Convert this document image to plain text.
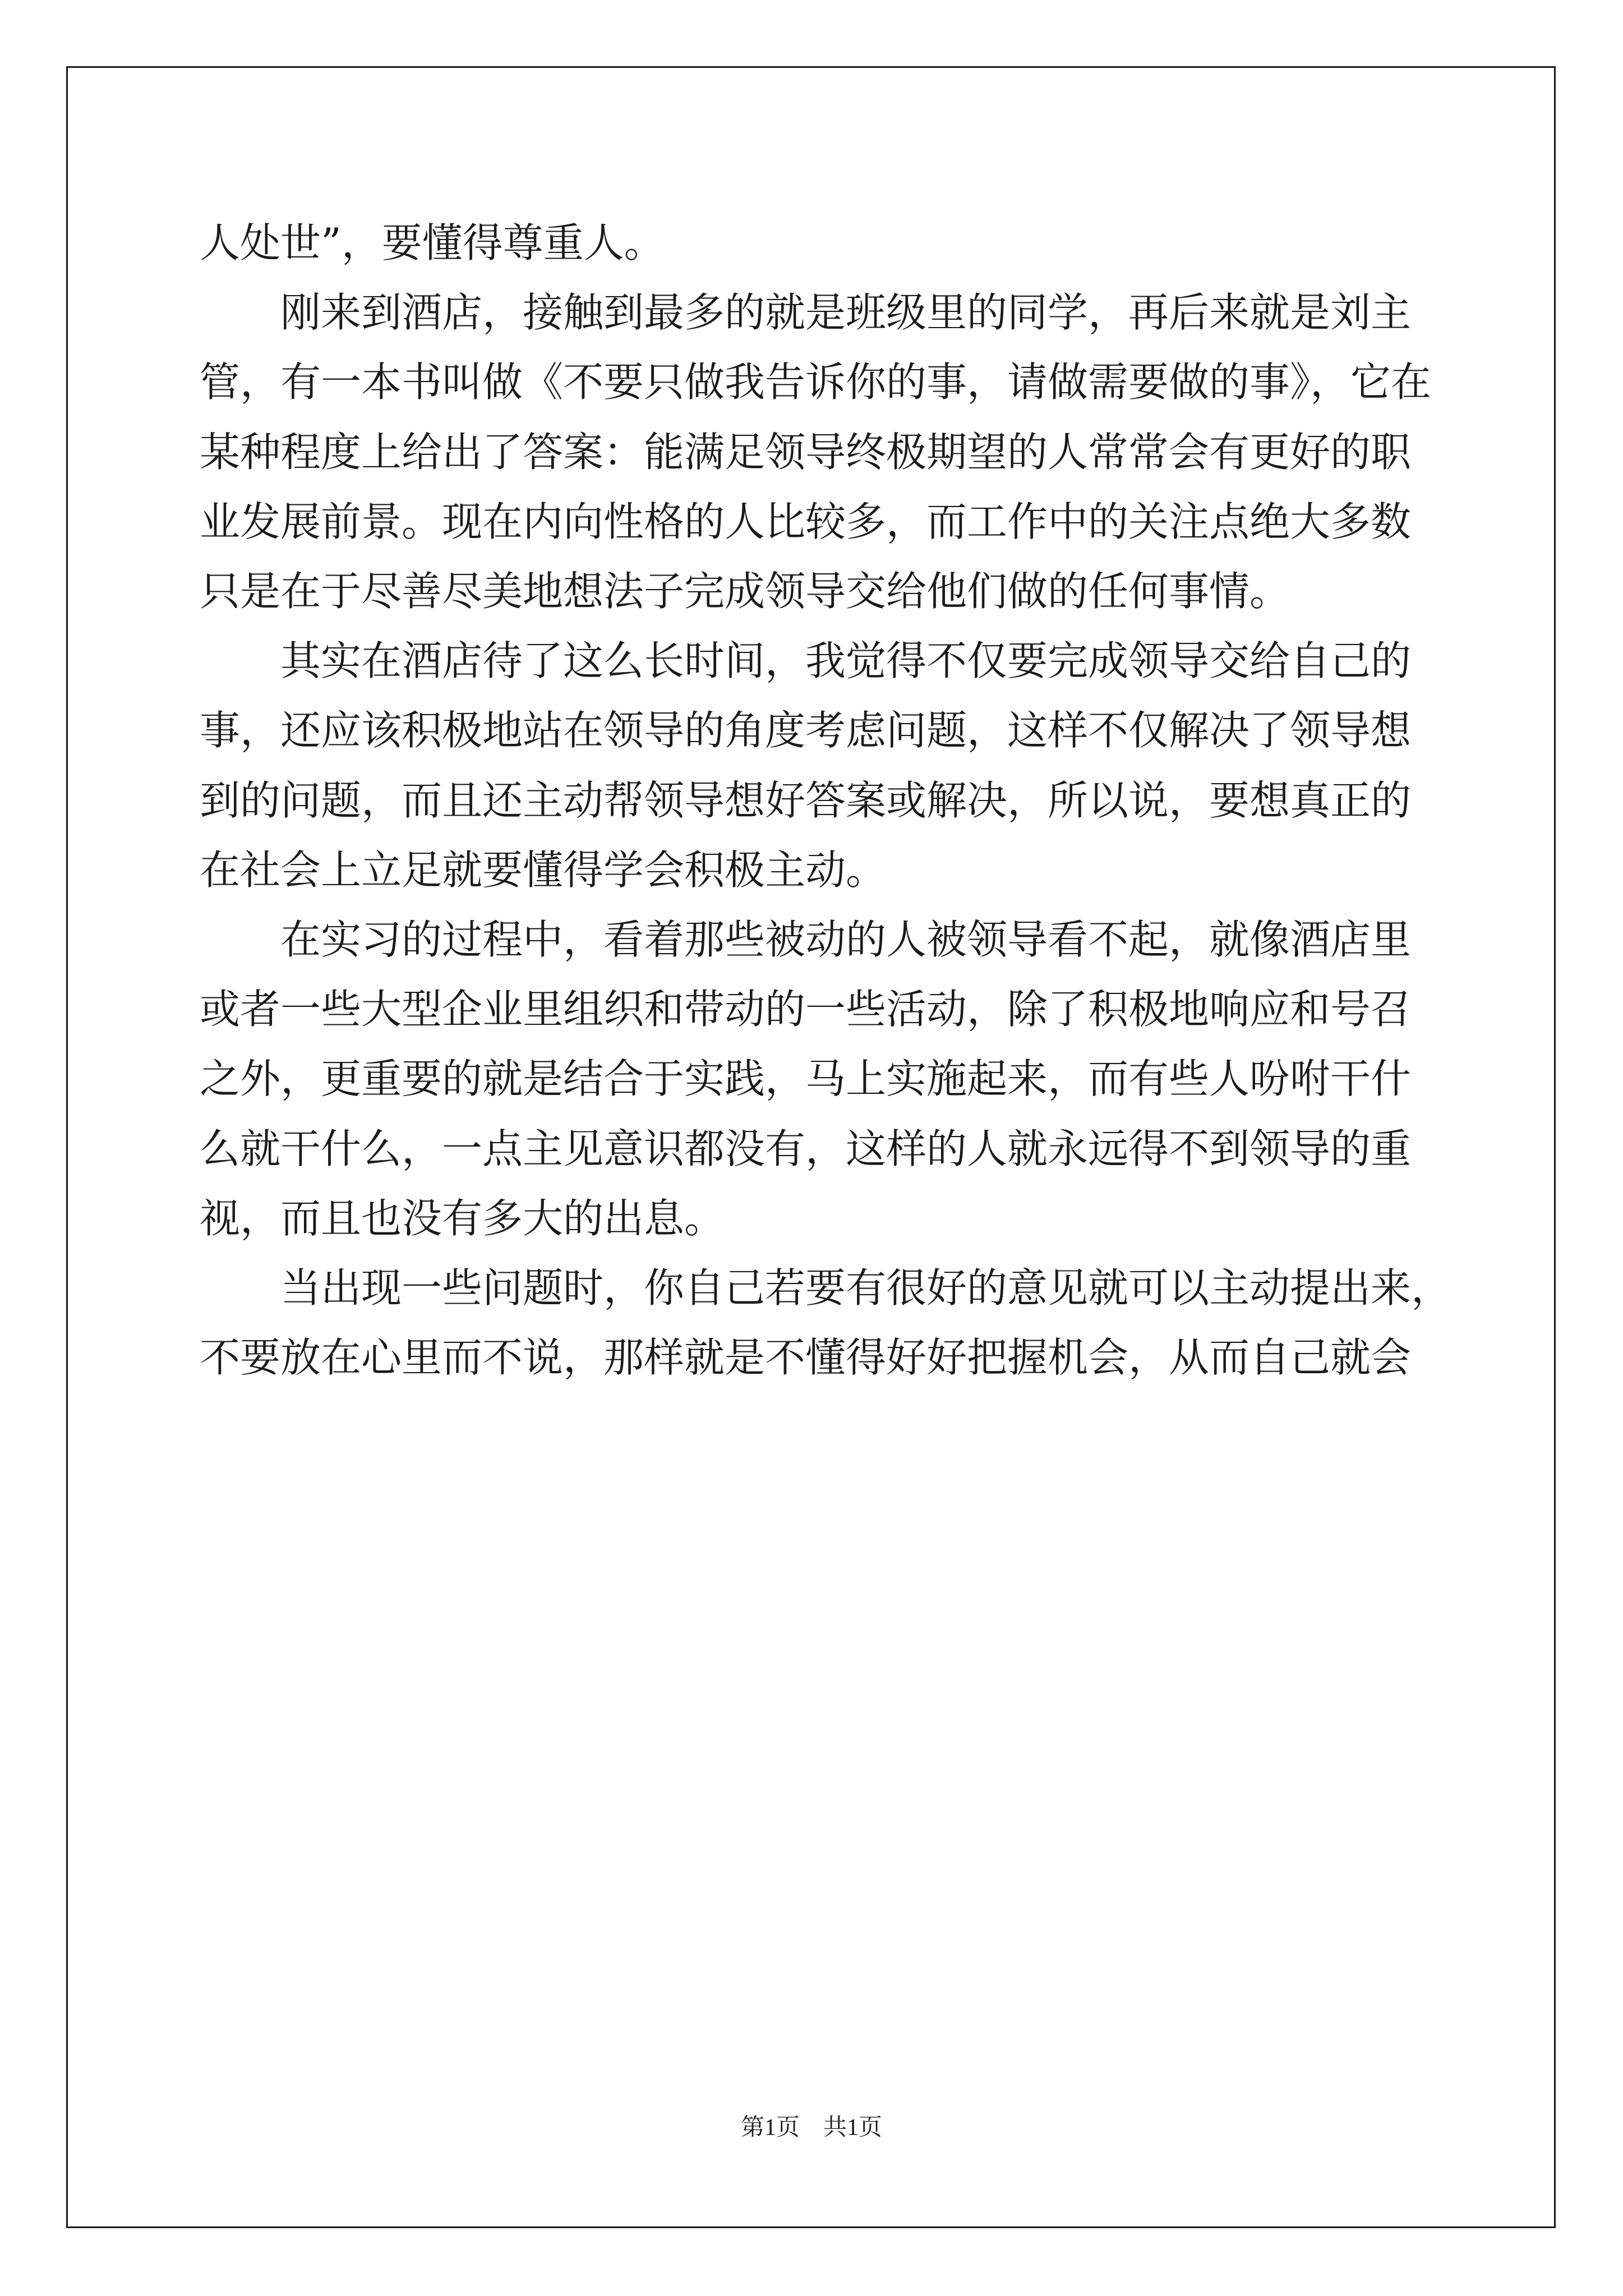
人处世”，要懂得尊重人。

刚来到酒店，接触到最多的就是班级里的同学，再后来就是刘主

管，有一本书叫做《不要只做我告诉你的事，请做需要做的事》，它在

某种程度上给出了答案：能满足领导终极期望的人常常会有更好的职

业发展前景。现在内向性格的人比较多，而工作中的关注点绝大多数

只是在于尽善尽美地想法子完成领导交给他们做的任何事情。

其实在酒店待了这么长时间，我觉得不仅要完成领导交给自己的

事，还应该积极地站在领导的角度考虑问题，这样不仅解决了领导想

到的问题，而且还主动帮领导想好答案或解决，所以说，要想真正的

在社会上立足就要懂得学会积极主动。

在实习的过程中，看着那些被动的人被领导看不起，就像酒店里

或者一些大型企业里组织和带动的一些活动，除了积极地响应和号召

之外，更重要的就是结合于实践，马上实施起来，而有些人吩咐干什

么就干什么，一点主见意识都没有，这样的人就永远得不到领导的重

视，而且也没有多大的出息。

当出现一些问题时，你自己若要有很好的意见就可以主动提出来，

不要放在心里而不说，那样就是不懂得好好把握机会，从而自己就会

第1页　共1页
